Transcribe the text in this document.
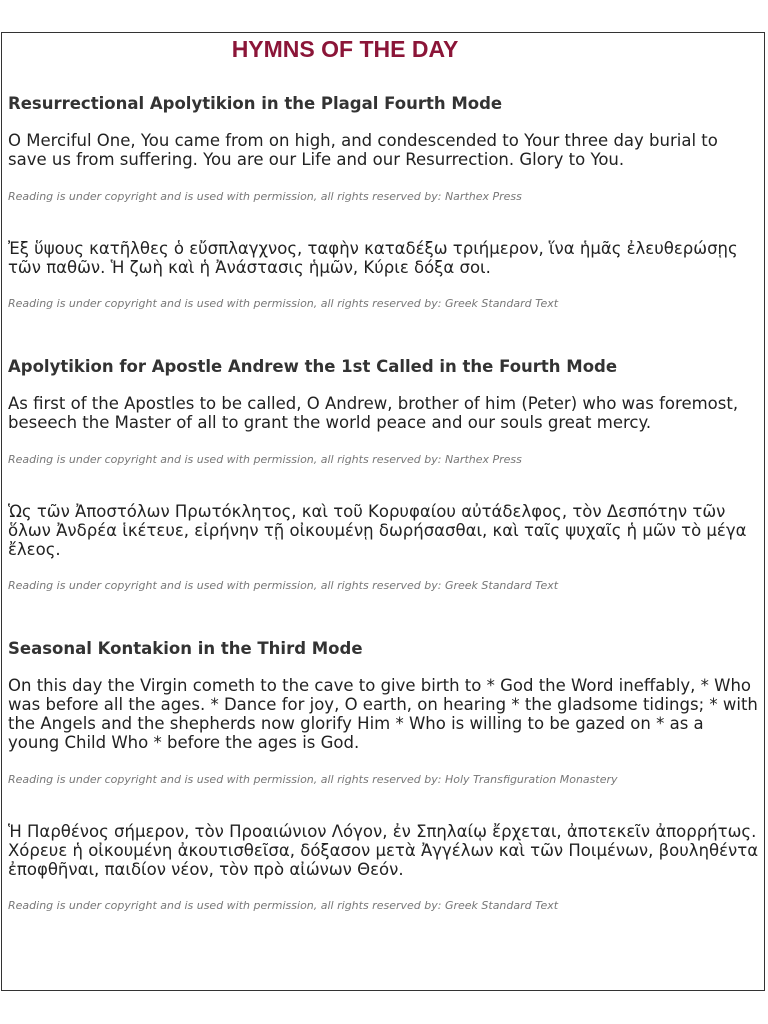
HYMNS OF THE DAY
Resurrectional Apolytikion in the Plagal Fourth Mode

O Merciful One, You came from on high, and condescended to Your three day burial to save us from suffering. You are our Life and our Resurrection. Glory to You.

Reading is under copyright and is used with permission, all rights reserved by: Narthex Press

Ἐξ ὕψους κατῆλθες ὁ εὔσπλαγχνος, ταφὴν καταδέξω τριήμερον, ἵνα ἡμᾶς ἐλευθερώσῃς τῶν παθῶν. Ἡ ζωὴ καὶ ἡ Ἀνάστασις ἡμῶν, Κύριε δόξα σοι.

Reading is under copyright and is used with permission, all rights reserved by: Greek Standard Text
Apolytikion for Apostle Andrew the 1st Called in the Fourth Mode

As first of the Apostles to be called, O Andrew, brother of him (Peter) who was foremost, beseech the Master of all to grant the world peace and our souls great mercy.

Reading is under copyright and is used with permission, all rights reserved by: Narthex Press

Ὡς τῶν Ἀποστόλων Πρωτόκλητος, καὶ τοῦ Κορυφαίου αὐτάδελφος, τὸν Δεσπότην τῶν ὅλων Ἀνδρέα ἱκέτευε, εἰρήνην τῇ οἰκουμένῃ δωρήσασθαι, καὶ ταῖς ψυχαῖς ἡ μῶν τὸ μέγα ἔλεος.

Reading is under copyright and is used with permission, all rights reserved by: Greek Standard Text
Seasonal Kontakion in the Third Mode

On this day the Virgin cometh to the cave to give birth to * God the Word ineffably, * Who was before all the ages. * Dance for joy, O earth, on hearing * the gladsome tidings; * with the Angels and the shepherds now glorify Him * Who is willing to be gazed on * as a young Child Who * before the ages is God.

Reading is under copyright and is used with permission, all rights reserved by: Holy Transfiguration Monastery

Ἡ Παρθένος σήμερον, τὸν Προαιώνιον Λόγον, ἐν Σπηλαίῳ ἔρχεται, ἀποτεκεῖν ἀπορρήτως. Χόρευε ἡ οἰκουμένη ἀκουτισθεῖσα, δόξασον μετὰ Ἀγγέλων καὶ τῶν Ποιμένων, βουληθέντα ἐποφθῆναι, παιδίον νέον, τὸν πρὸ αἰώνων Θεόν.

Reading is under copyright and is used with permission, all rights reserved by: Greek Standard Text
